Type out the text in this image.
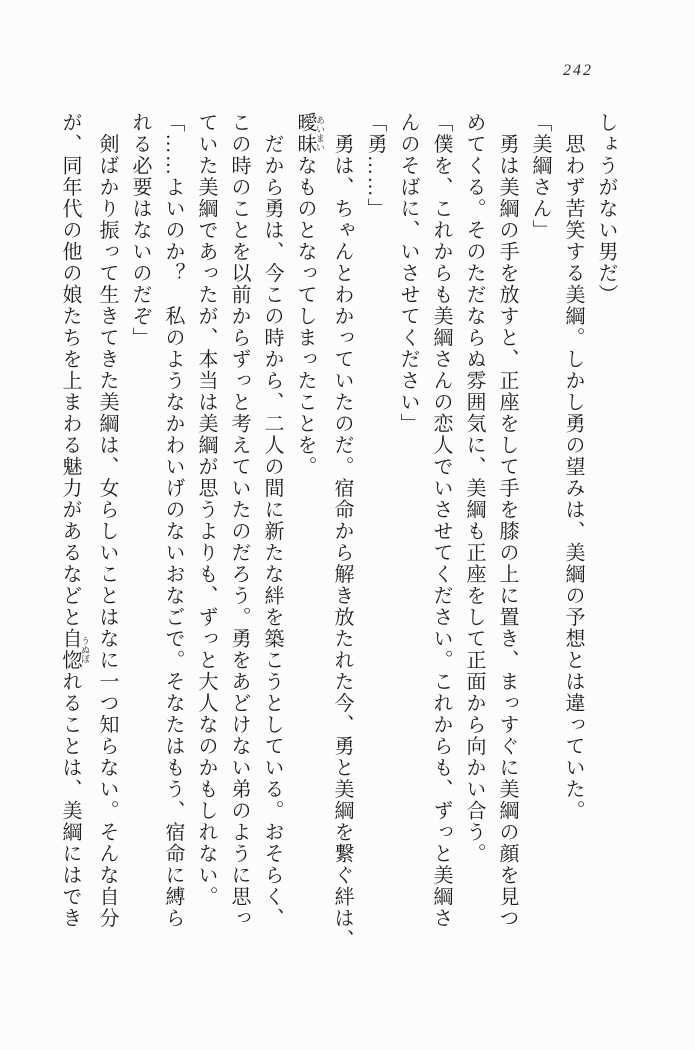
242

しょうがない男だ）

　思わず苦笑する美綱。しかし勇の望みは、美綱の予想とは違っていた。

「美綱さん」

　勇は美綱の手を放すと、正座をして手を膝の上に置き、まっすぐに美綱の顔を見つ

めてくる。そのただならぬ雰囲気に、美綱も正座をして正面から向かい合う。

「僕を、これからも美綱さんの恋人でいさせてください。これからも、ずっと美綱さ

んのそばに、いさせてください」

「勇……」

　勇は、ちゃんとわかっていたのだ。宿命から解き放たれた今、勇と美綱を繋ぐ絆は、

曖昧 あいまいなものとなってしまったことを。

　だから勇は、今この時から、二人の間に新たな絆を築こうとしている。おそらく、

この時のことを以前からずっと考えていたのだろう。勇をあどけない弟のように思っ

ていた美綱であったが、本当は美綱が思うよりも、ずっと大人なのかもしれない。

「……よいのか？　私のようなかわいげのないおなごで。そなたはもう、宿命に縛ら

れる必要はないのだぞ」

　剣ばかり振って生きてきた美綱は、女らしいことはなに一つ知らない。そんな自分

が、同年代の他の娘たちを上まわる魅力があるなどと自惚 うぬぼれることは、美綱にはでき
